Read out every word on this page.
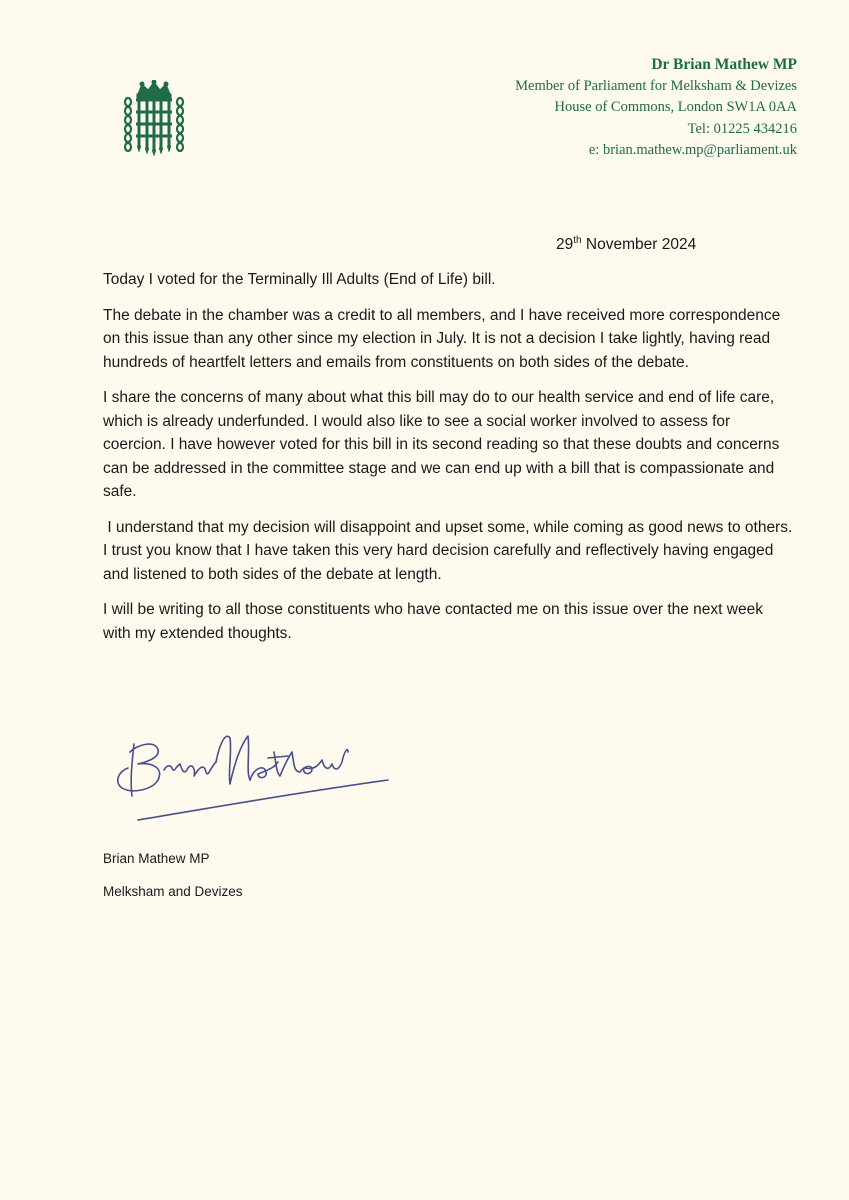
Dr Brian Mathew MP
Member of Parliament for Melksham & Devizes
House of Commons, London SW1A 0AA
Tel: 01225 434216
e: brian.mathew.mp@parliament.uk
29th November 2024

Today I voted for the Terminally Ill Adults (End of Life) bill.

The debate in the chamber was a credit to all members, and I have received more correspondence on this issue than any other since my election in July. It is not a decision I take lightly, having read hundreds of heartfelt letters and emails from constituents on both sides of the debate.

I share the concerns of many about what this bill may do to our health service and end of life care, which is already underfunded. I would also like to see a social worker involved to assess for coercion. I have however voted for this bill in its second reading so that these doubts and concerns can be addressed in the committee stage and we can end up with a bill that is compassionate and safe.

I understand that my decision will disappoint and upset some, while coming as good news to others. I trust you know that I have taken this very hard decision carefully and reflectively having engaged and listened to both sides of the debate at length.

I will be writing to all those constituents who have contacted me on this issue over the next week with my extended thoughts.

Brian Mathew MP
Melksham and Devizes
